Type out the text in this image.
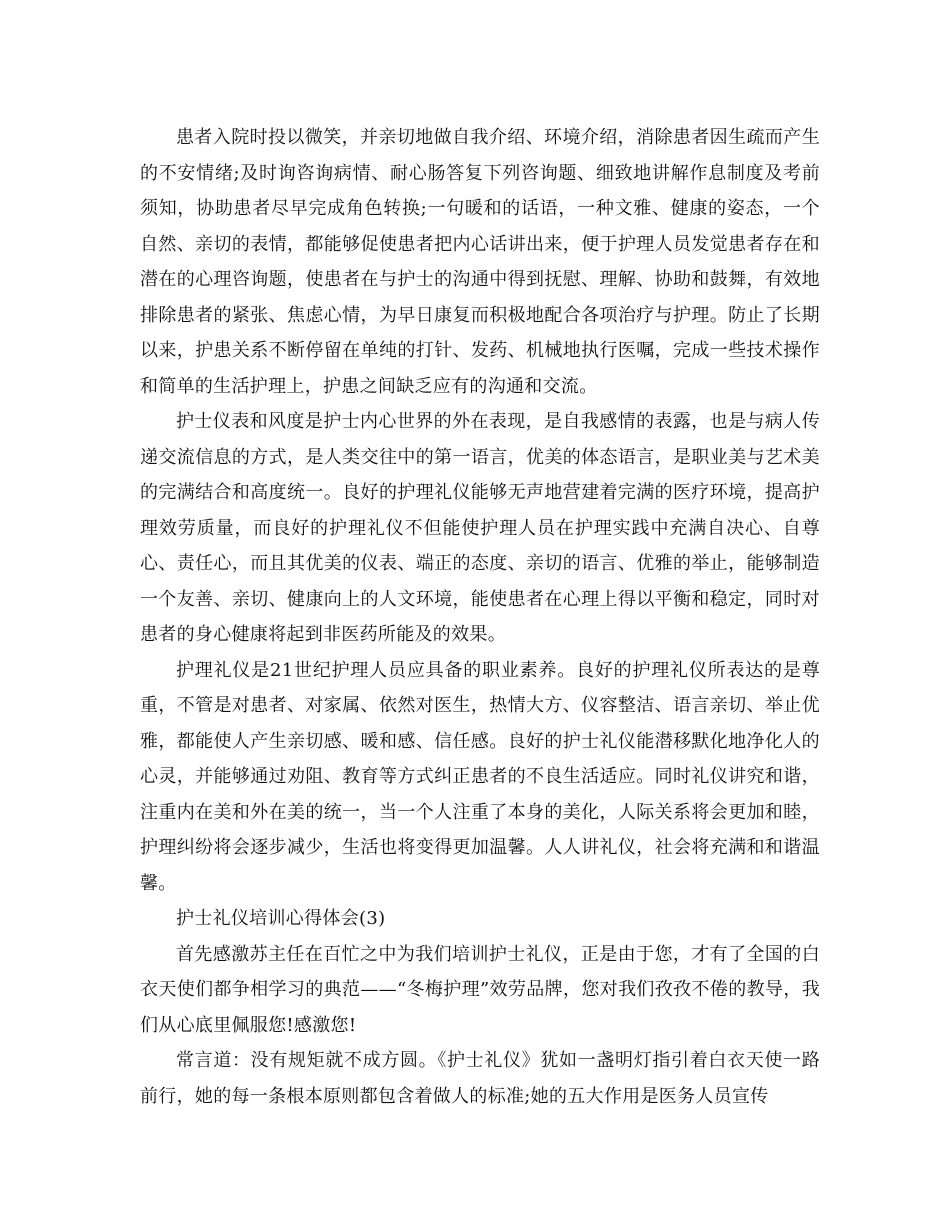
患者入院时投以微笑，并亲切地做自我介绍、环境介绍，消除患者因生疏而产生的不安情绪;及时询咨询病情、耐心肠答复下列咨询题、细致地讲解作息制度及考前须知，协助患者尽早完成角色转换;一句暖和的话语，一种文雅、健康的姿态，一个自然、亲切的表情，都能够促使患者把内心话讲出来，便于护理人员发觉患者存在和潜在的心理咨询题，使患者在与护士的沟通中得到抚慰、理解、协助和鼓舞，有效地排除患者的紧张、焦虑心情，为早日康复而积极地配合各项治疗与护理。防止了长期以来，护患关系不断停留在单纯的打针、发药、机械地执行医嘱，完成一些技术操作和简单的生活护理上，护患之间缺乏应有的沟通和交流。

护士仪表和风度是护士内心世界的外在表现，是自我感情的表露，也是与病人传递交流信息的方式，是人类交往中的第一语言，优美的体态语言，是职业美与艺术美的完满结合和高度统一。良好的护理礼仪能够无声地营建着完满的医疗环境，提高护理效劳质量，而良好的护理礼仪不但能使护理人员在护理实践中充满自决心、自尊心、责任心，而且其优美的仪表、端正的态度、亲切的语言、优雅的举止，能够制造一个友善、亲切、健康向上的人文环境，能使患者在心理上得以平衡和稳定，同时对患者的身心健康将起到非医药所能及的效果。

护理礼仪是21世纪护理人员应具备的职业素养。良好的护理礼仪所表达的是尊重，不管是对患者、对家属、依然对医生，热情大方、仪容整洁、语言亲切、举止优雅，都能使人产生亲切感、暖和感、信任感。良好的护士礼仪能潜移默化地净化人的心灵，并能够通过劝阻、教育等方式纠正患者的不良生活适应。同时礼仪讲究和谐，注重内在美和外在美的统一，当一个人注重了本身的美化，人际关系将会更加和睦，护理纠纷将会逐步减少，生活也将变得更加温馨。人人讲礼仪，社会将充满和和谐温馨。

护士礼仪培训心得体会(3)

首先感激苏主任在百忙之中为我们培训护士礼仪，正是由于您，才有了全国的白衣天使们都争相学习的典范——“冬梅护理”效劳品牌，您对我们孜孜不倦的教导，我们从心底里佩服您!感激您!

常言道：没有规矩就不成方圆。《护士礼仪》犹如一盏明灯指引着白衣天使一路前行，她的每一条根本原则都包含着做人的标准;她的五大作用是医务人员宣传
